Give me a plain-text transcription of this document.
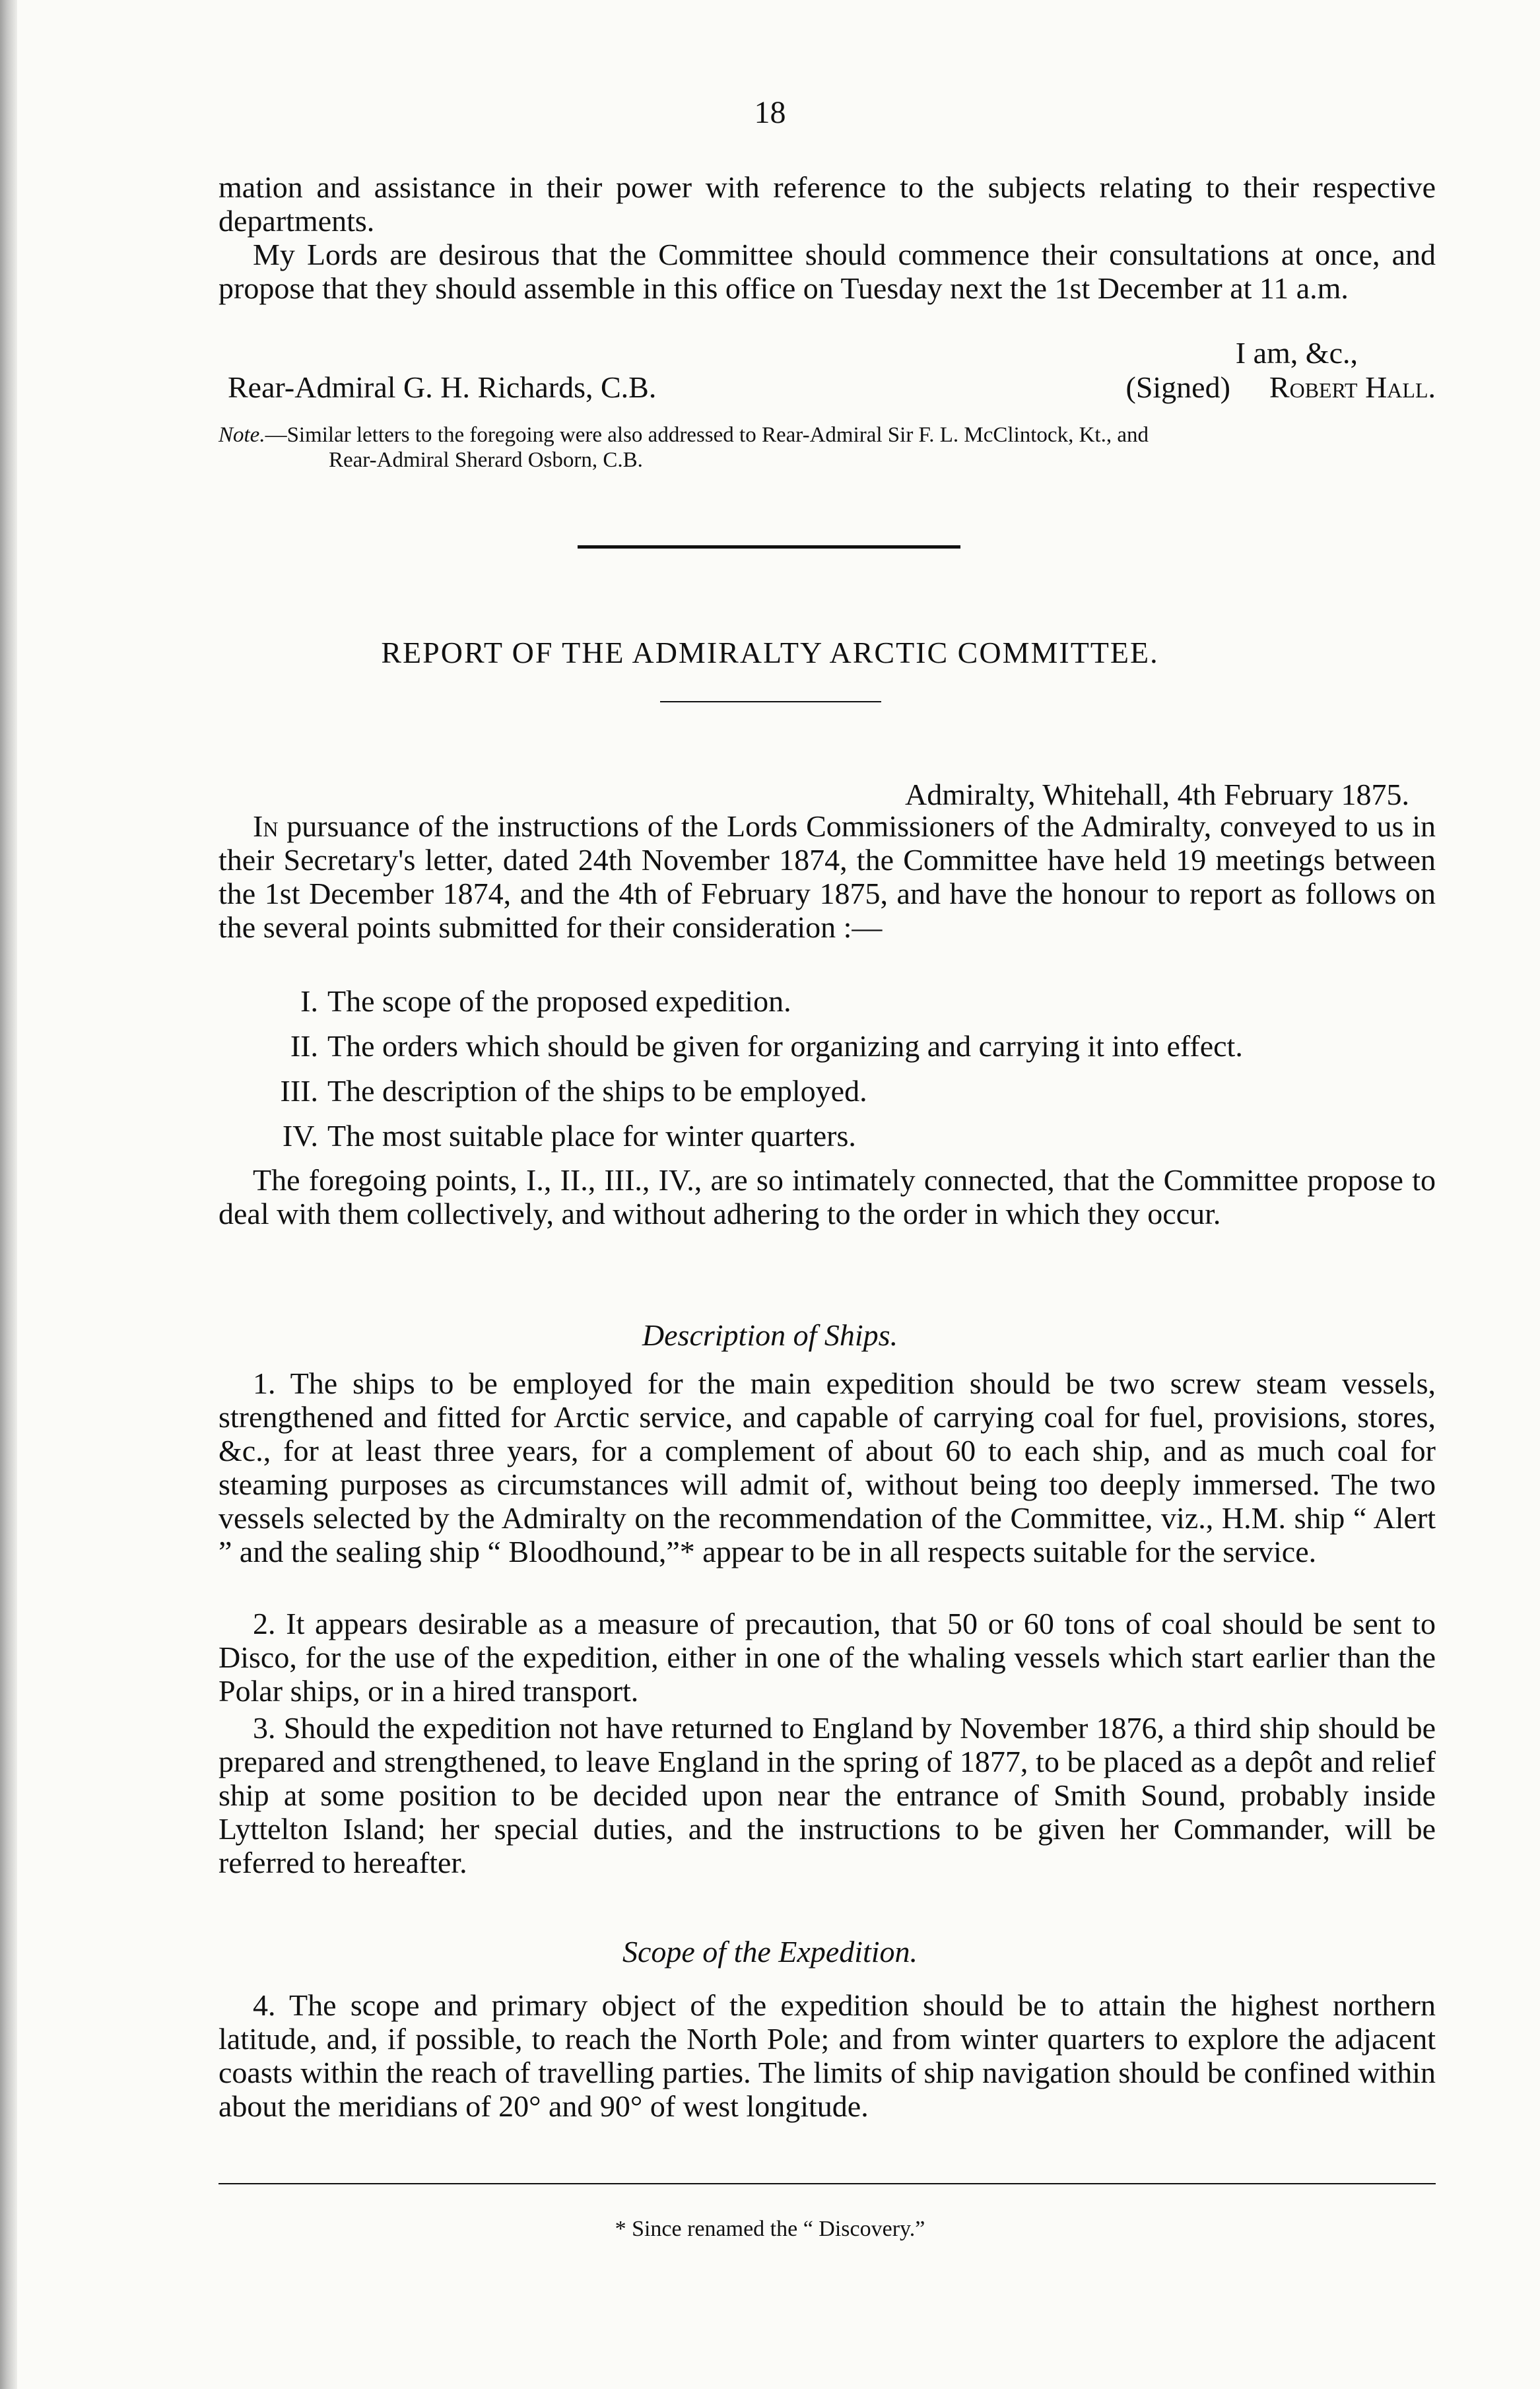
18

mation and assistance in their power with reference to the subjects relating to their respective departments.

My Lords are desirous that the Committee should commence their consultations at once, and propose that they should assemble in this office on Tuesday next the 1st December at 11 a.m.

I am, &c.,
Rear-Admiral G. H. Richards, C.B.	(Signed) Robert Hall.

Note.—Similar letters to the foregoing were also addressed to Rear-Admiral Sir F. L. McClintock, Kt., and
Rear-Admiral Sherard Osborn, C.B.

REPORT OF THE ADMIRALTY ARCTIC COMMITTEE.
Admiralty, Whitehall, 4th February 1875.

In pursuance of the instructions of the Lords Commissioners of the Admiralty, conveyed to us in their Secretary's letter, dated 24th November 1874, the Committee have held 19 meetings between the 1st December 1874, and the 4th of February 1875, and have the honour to report as follows on the several points submitted for their consideration :—

I. The scope of the proposed expedition.
II. The orders which should be given for organizing and carrying it into effect.
III. The description of the ships to be employed.
IV. The most suitable place for winter quarters.

The foregoing points, I., II., III., IV., are so intimately connected, that the Committee propose to deal with them collectively, and without adhering to the order in which they occur.

Description of Ships.

1. The ships to be employed for the main expedition should be two screw steam vessels, strengthened and fitted for Arctic service, and capable of carrying coal for fuel, provisions, stores, &c., for at least three years, for a complement of about 60 to each ship, and as much coal for steaming purposes as circumstances will admit of, without being too deeply immersed. The two vessels selected by the Admiralty on the recommendation of the Committee, viz., H.M. ship “ Alert ” and the sealing ship “ Bloodhound,”* appear to be in all respects suitable for the service.

2. It appears desirable as a measure of precaution, that 50 or 60 tons of coal should be sent to Disco, for the use of the expedition, either in one of the whaling vessels which start earlier than the Polar ships, or in a hired transport.

3. Should the expedition not have returned to England by November 1876, a third ship should be prepared and strengthened, to leave England in the spring of 1877, to be placed as a depôt and relief ship at some position to be decided upon near the entrance of Smith Sound, probably inside Lyttelton Island; her special duties, and the instructions to be given her Commander, will be referred to hereafter.

Scope of the Expedition.

4. The scope and primary object of the expedition should be to attain the highest northern latitude, and, if possible, to reach the North Pole; and from winter quarters to explore the adjacent coasts within the reach of travelling parties. The limits of ship navigation should be confined within about the meridians of 20° and 90° of west longitude.

* Since renamed the “ Discovery.”
